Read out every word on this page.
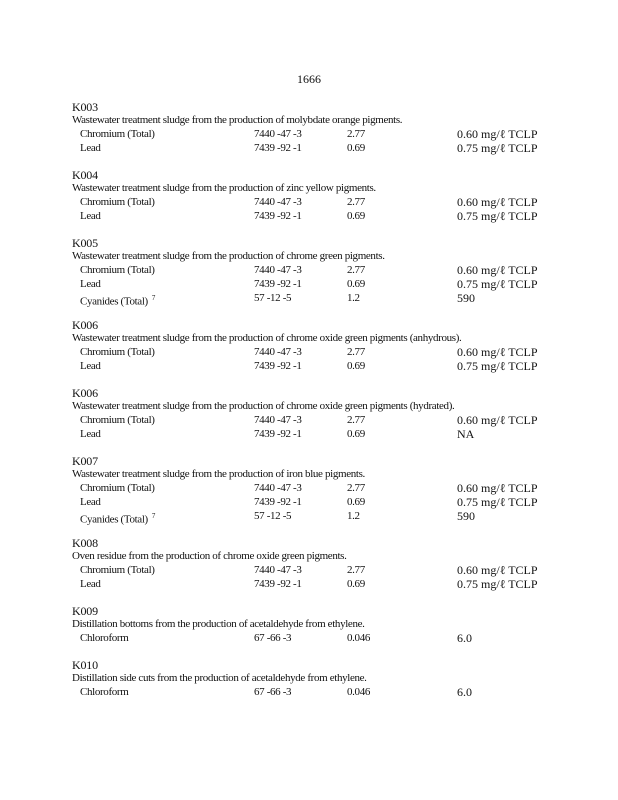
1666
K003
Wastewater treatment sludge from the production of molybdate orange pigments.
Chromium (Total)	7440 -47 -3	2.77	0.60 mg/ℓ TCLP
Lead	7439 -92 -1	0.69	0.75 mg/ℓ TCLP
K004
Wastewater treatment sludge from the production of zinc yellow pigments.
Chromium (Total)	7440 -47 -3	2.77	0.60 mg/ℓ TCLP
Lead	7439 -92 -1	0.69	0.75 mg/ℓ TCLP
K005
Wastewater treatment sludge from the production of chrome green pigments.
Chromium (Total)	7440 -47 -3	2.77	0.60 mg/ℓ TCLP
Lead	7439 -92 -1	0.69	0.75 mg/ℓ TCLP
Cyanides (Total) $^7$	57 -12 -5	1.2	590
K006
Wastewater treatment sludge from the production of chrome oxide green pigments (anhydrous).
Chromium (Total)	7440 -47 -3	2.77	0.60 mg/ℓ TCLP
Lead	7439 -92 -1	0.69	0.75 mg/ℓ TCLP
K006
Wastewater treatment sludge from the production of chrome oxide green pigments (hydrated).
Chromium (Total)	7440 -47 -3	2.77	0.60 mg/ℓ TCLP
Lead	7439 -92 -1	0.69	NA
K007
Wastewater treatment sludge from the production of iron blue pigments.
Chromium (Total)	7440 -47 -3	2.77	0.60 mg/ℓ TCLP
Lead	7439 -92 -1	0.69	0.75 mg/ℓ TCLP
Cyanides (Total) $^7$	57 -12 -5	1.2	590
K008
Oven residue from the production of chrome oxide green pigments.
Chromium (Total)	7440 -47 -3	2.77	0.60 mg/ℓ TCLP
Lead	7439 -92 -1	0.69	0.75 mg/ℓ TCLP
K009
Distillation bottoms from the production of acetaldehyde from ethylene.
Chloroform	67 -66 -3	0.046	6.0
K010
Distillation side cuts from the production of acetaldehyde from ethylene.
Chloroform	67 -66 -3	0.046	6.0
